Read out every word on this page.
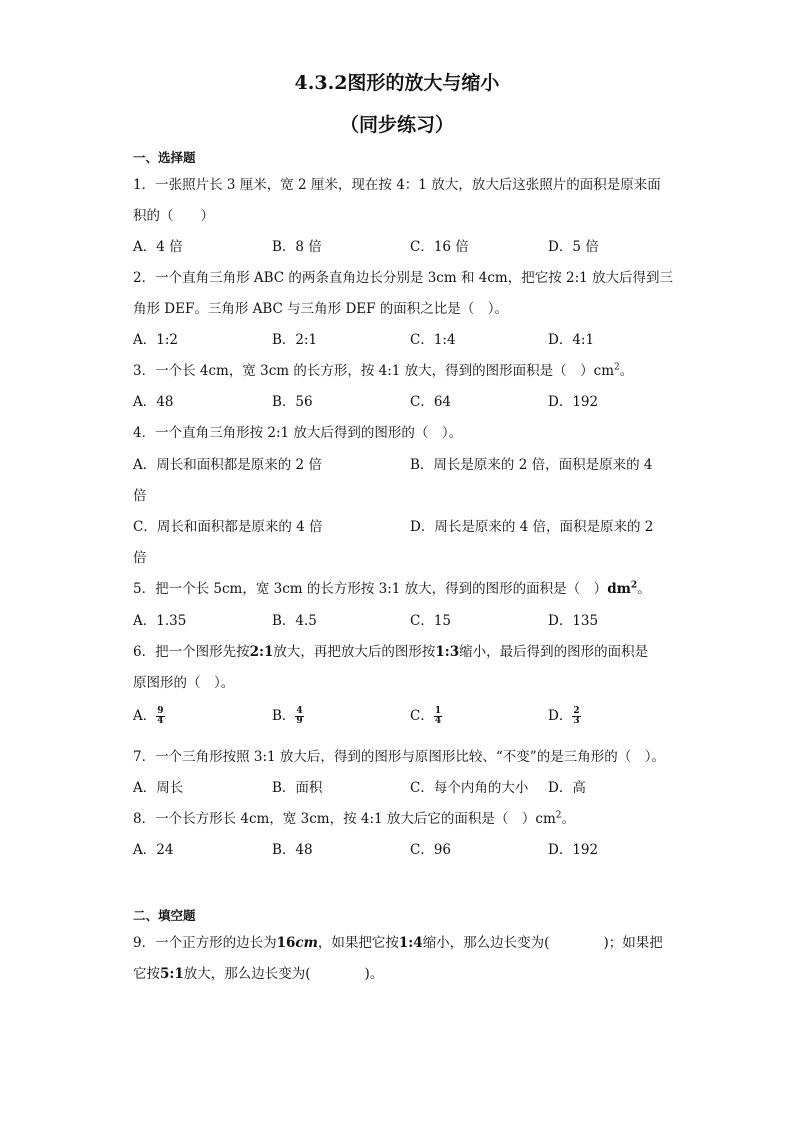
4.3.2图形的放大与缩小
（同步练习）
一、选择题
1．一张照片长 3 厘米，宽 2 厘米，现在按 4：1 放大，放大后这张照片的面积是原来面
积的（　　）
A．4 倍	B．8 倍	C．16 倍	D．5 倍
2．一个直角三角形 ABC 的两条直角边长分别是 3cm 和 4cm，把它按 2:1 放大后得到三
角形 DEF。三角形 ABC 与三角形 DEF 的面积之比是（　）。
A．1:2	B．2:1	C．1:4	D．4:1
3．一个长 4cm，宽 3cm 的长方形，按 4:1 放大，得到的图形面积是（　）$cm^2$。
A．48	B．56	C．64	D．192
4．一个直角三角形按 2:1 放大后得到的图形的（　）。
A．周长和面积都是原来的 2 倍	B．周长是原来的 2 倍，面积是原来的 4
倍
C．周长和面积都是原来的 4 倍	D．周长是原来的 4 倍，面积是原来的 2
倍
5．把一个长 5cm，宽 3cm 的长方形按 3:1 放大，得到的图形的面积是（　）$dm^2$。
A．1.35	B．4.5	C．15	D．135
6．把一个图形先按2:1放大，再把放大后的图形按1:3缩小，最后得到的图形的面积是
原图形的（　）。
A． $\frac{9}{4}$	B． $\frac{4}{9}$	C． $\frac{1}{4}$	D． $\frac{2}{3}$
7．一个三角形按照 3:1 放大后，得到的图形与原图形比较、“不变”的是三角形的（　）。
A．周长	B．面积	C．每个内角的大小 D．高
8．一个长方形长 4cm，宽 3cm，按 4:1 放大后它的面积是（　）$cm^2$。
A．24	B．48	C．96	D．192
二、填空题
9．一个正方形的边长为16cm，如果把它按1:4缩小，那么边长变为(　　　　)；如果把
它按5:1放大，那么边长变为(　　　　)。
